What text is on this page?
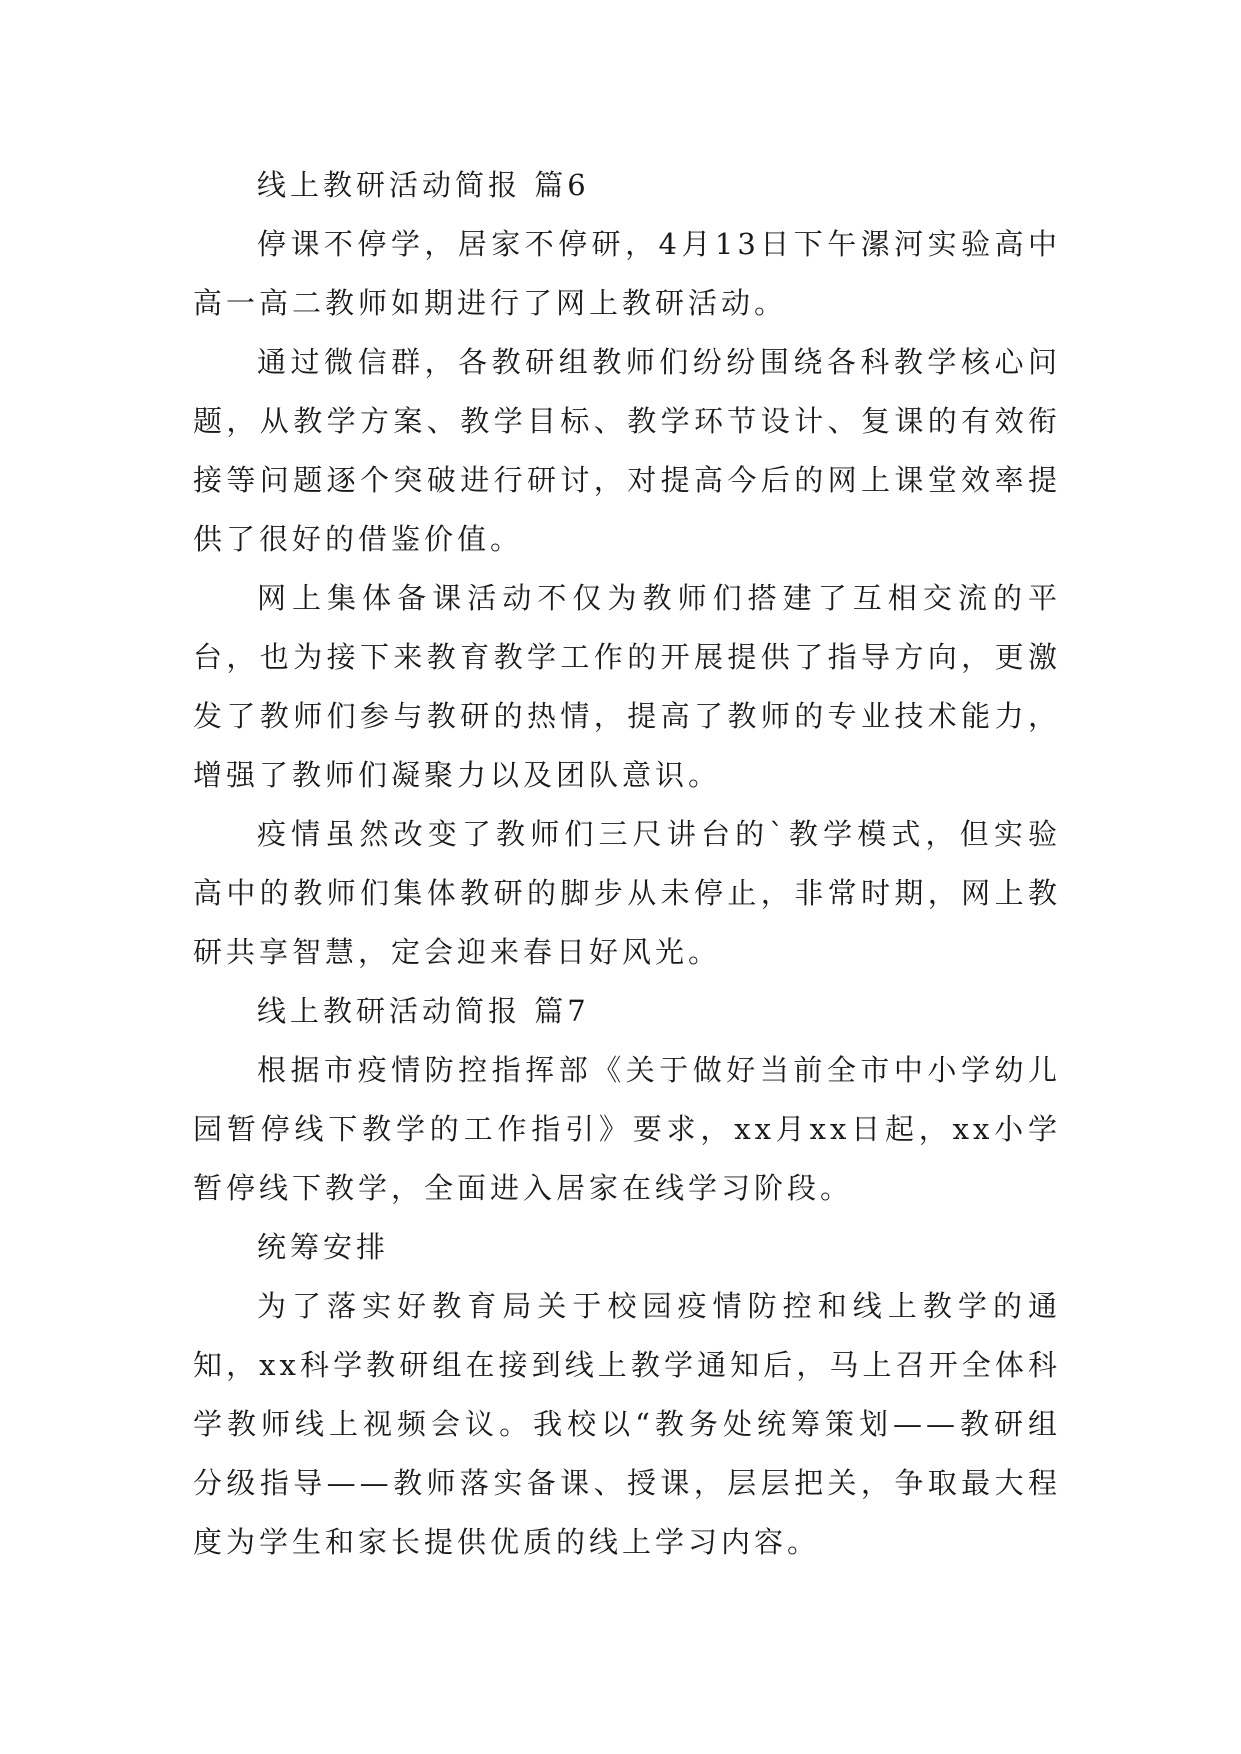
线上教研活动简报 篇6

停课不停学，居家不停研，4月13日下午漯河实验高中高一高二教师如期进行了网上教研活动。

通过微信群，各教研组教师们纷纷围绕各科教学核心问题，从教学方案、教学目标、教学环节设计、复课的有效衔接等问题逐个突破进行研讨，对提高今后的网上课堂效率提供了很好的借鉴价值。

网上集体备课活动不仅为教师们搭建了互相交流的平台，也为接下来教育教学工作的开展提供了指导方向，更激发了教师们参与教研的热情，提高了教师的专业技术能力，增强了教师们凝聚力以及团队意识。

疫情虽然改变了教师们三尺讲台的`教学模式，但实验高中的教师们集体教研的脚步从未停止，非常时期，网上教研共享智慧，定会迎来春日好风光。

线上教研活动简报 篇7

根据市疫情防控指挥部《关于做好当前全市中小学幼儿园暂停线下教学的工作指引》要求，xx月xx日起，xx小学暂停线下教学，全面进入居家在线学习阶段。

统筹安排

为了落实好教育局关于校园疫情防控和线上教学的通知，xx科学教研组在接到线上教学通知后，马上召开全体科学教师线上视频会议。我校以“教务处统筹策划——教研组分级指导——教师落实备课、授课，层层把关，争取最大程度为学生和家长提供优质的线上学习内容。
